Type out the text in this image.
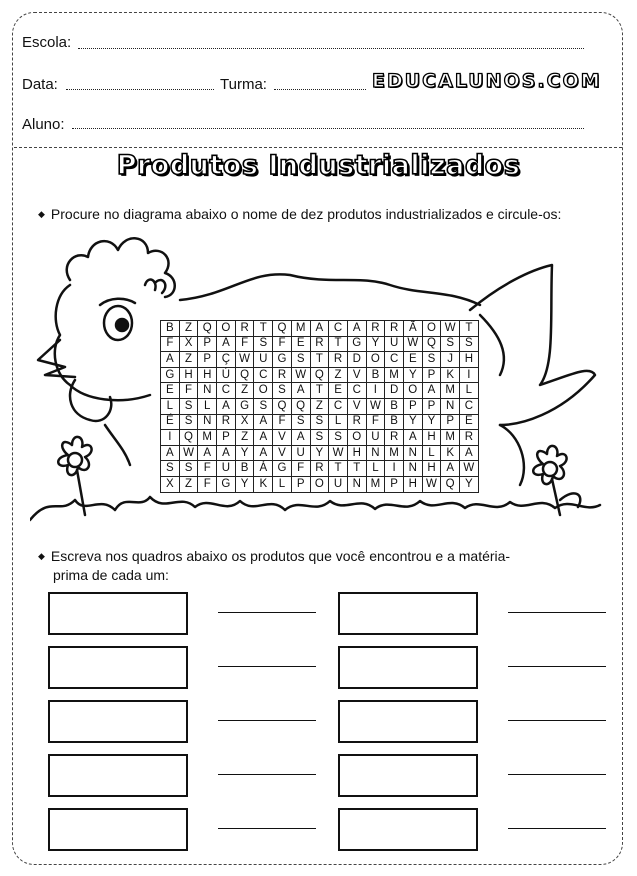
Escola:
Data:	Turma:	EDUCALUNOS.COM
Aluno:
Produtos Industrializados
◆ Procure no diagrama abaixo o nome de dez produtos industrializados e circule-os:
B	Z	Q	O	R	T	Q	M	A	C	A	R	R	Ã	O	W	T
F	X	P	A	F	S	F	E	R	T	G	Y	U	W	Q	S	S
A	Z	P	Ç	W	U	G	S	T	R	D	O	C	E	S	J	H
G	H	H	Ú	Q	C	R	W	Q	Z	V	B	M	Y	P	K	I
E	F	N	C	Z	O	S	A	T	E	C	I	D	O	A	M	L
L	S	L	A	G	S	Q	Q	Z	C	V	W	B	P	P	N	C
É	S	N	R	X	A	F	S	S	L	R	F	B	Y	Y	P	E
I	Q	M	P	Z	A	V	A	S	S	O	U	R	A	H	M	R
A	W	A	A	Y	A	V	U	Y	W	H	N	M	N	L	K	A
S	S	F	U	B	Á	G	F	R	T	T	L	I	N	H	A	W
X	Z	F	G	Y	K	L	P	O	U	N	M	P	H	W	Q	Y
◆ Escreva nos quadros abaixo os produtos que você encontrou e a matéria-
prima de cada um:
